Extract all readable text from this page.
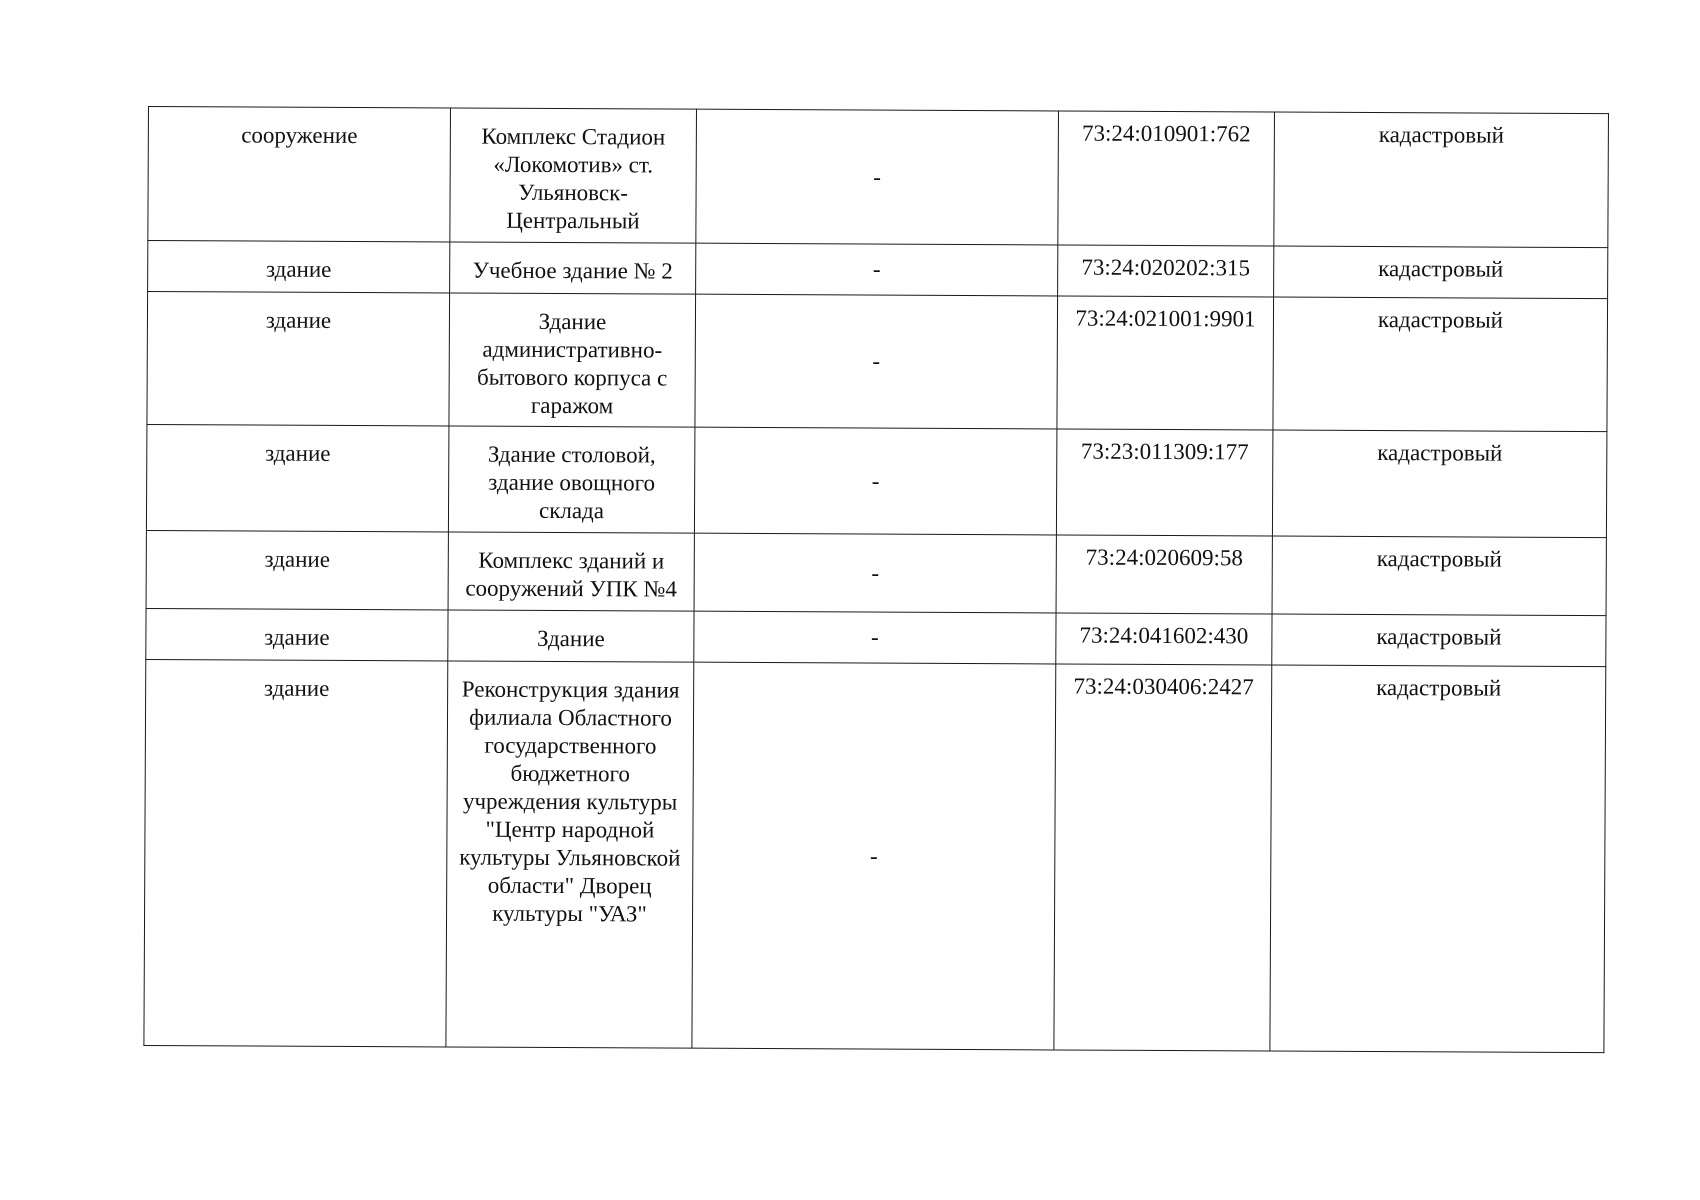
сооружение	Комплекс Стадион «Локомотив» ст. Ульяновск-Центральный	-	73:24:010901:762	кадастровый
здание	Учебное здание № 2	-	73:24:020202:315	кадастровый
здание	Здание административно-бытового корпуса с гаражом	-	73:24:021001:9901	кадастровый
здание	Здание столовой, здание овощного склада	-	73:23:011309:177	кадастровый
здание	Комплекс зданий и сооружений УПК №4	-	73:24:020609:58	кадастровый
здание	Здание	-	73:24:041602:430	кадастровый
здание	Реконструкция здания филиала Областного государственного бюджетного учреждения культуры "Центр народной культуры Ульяновской области" Дворец культуры "УАЗ"	-	73:24:030406:2427	кадастровый
